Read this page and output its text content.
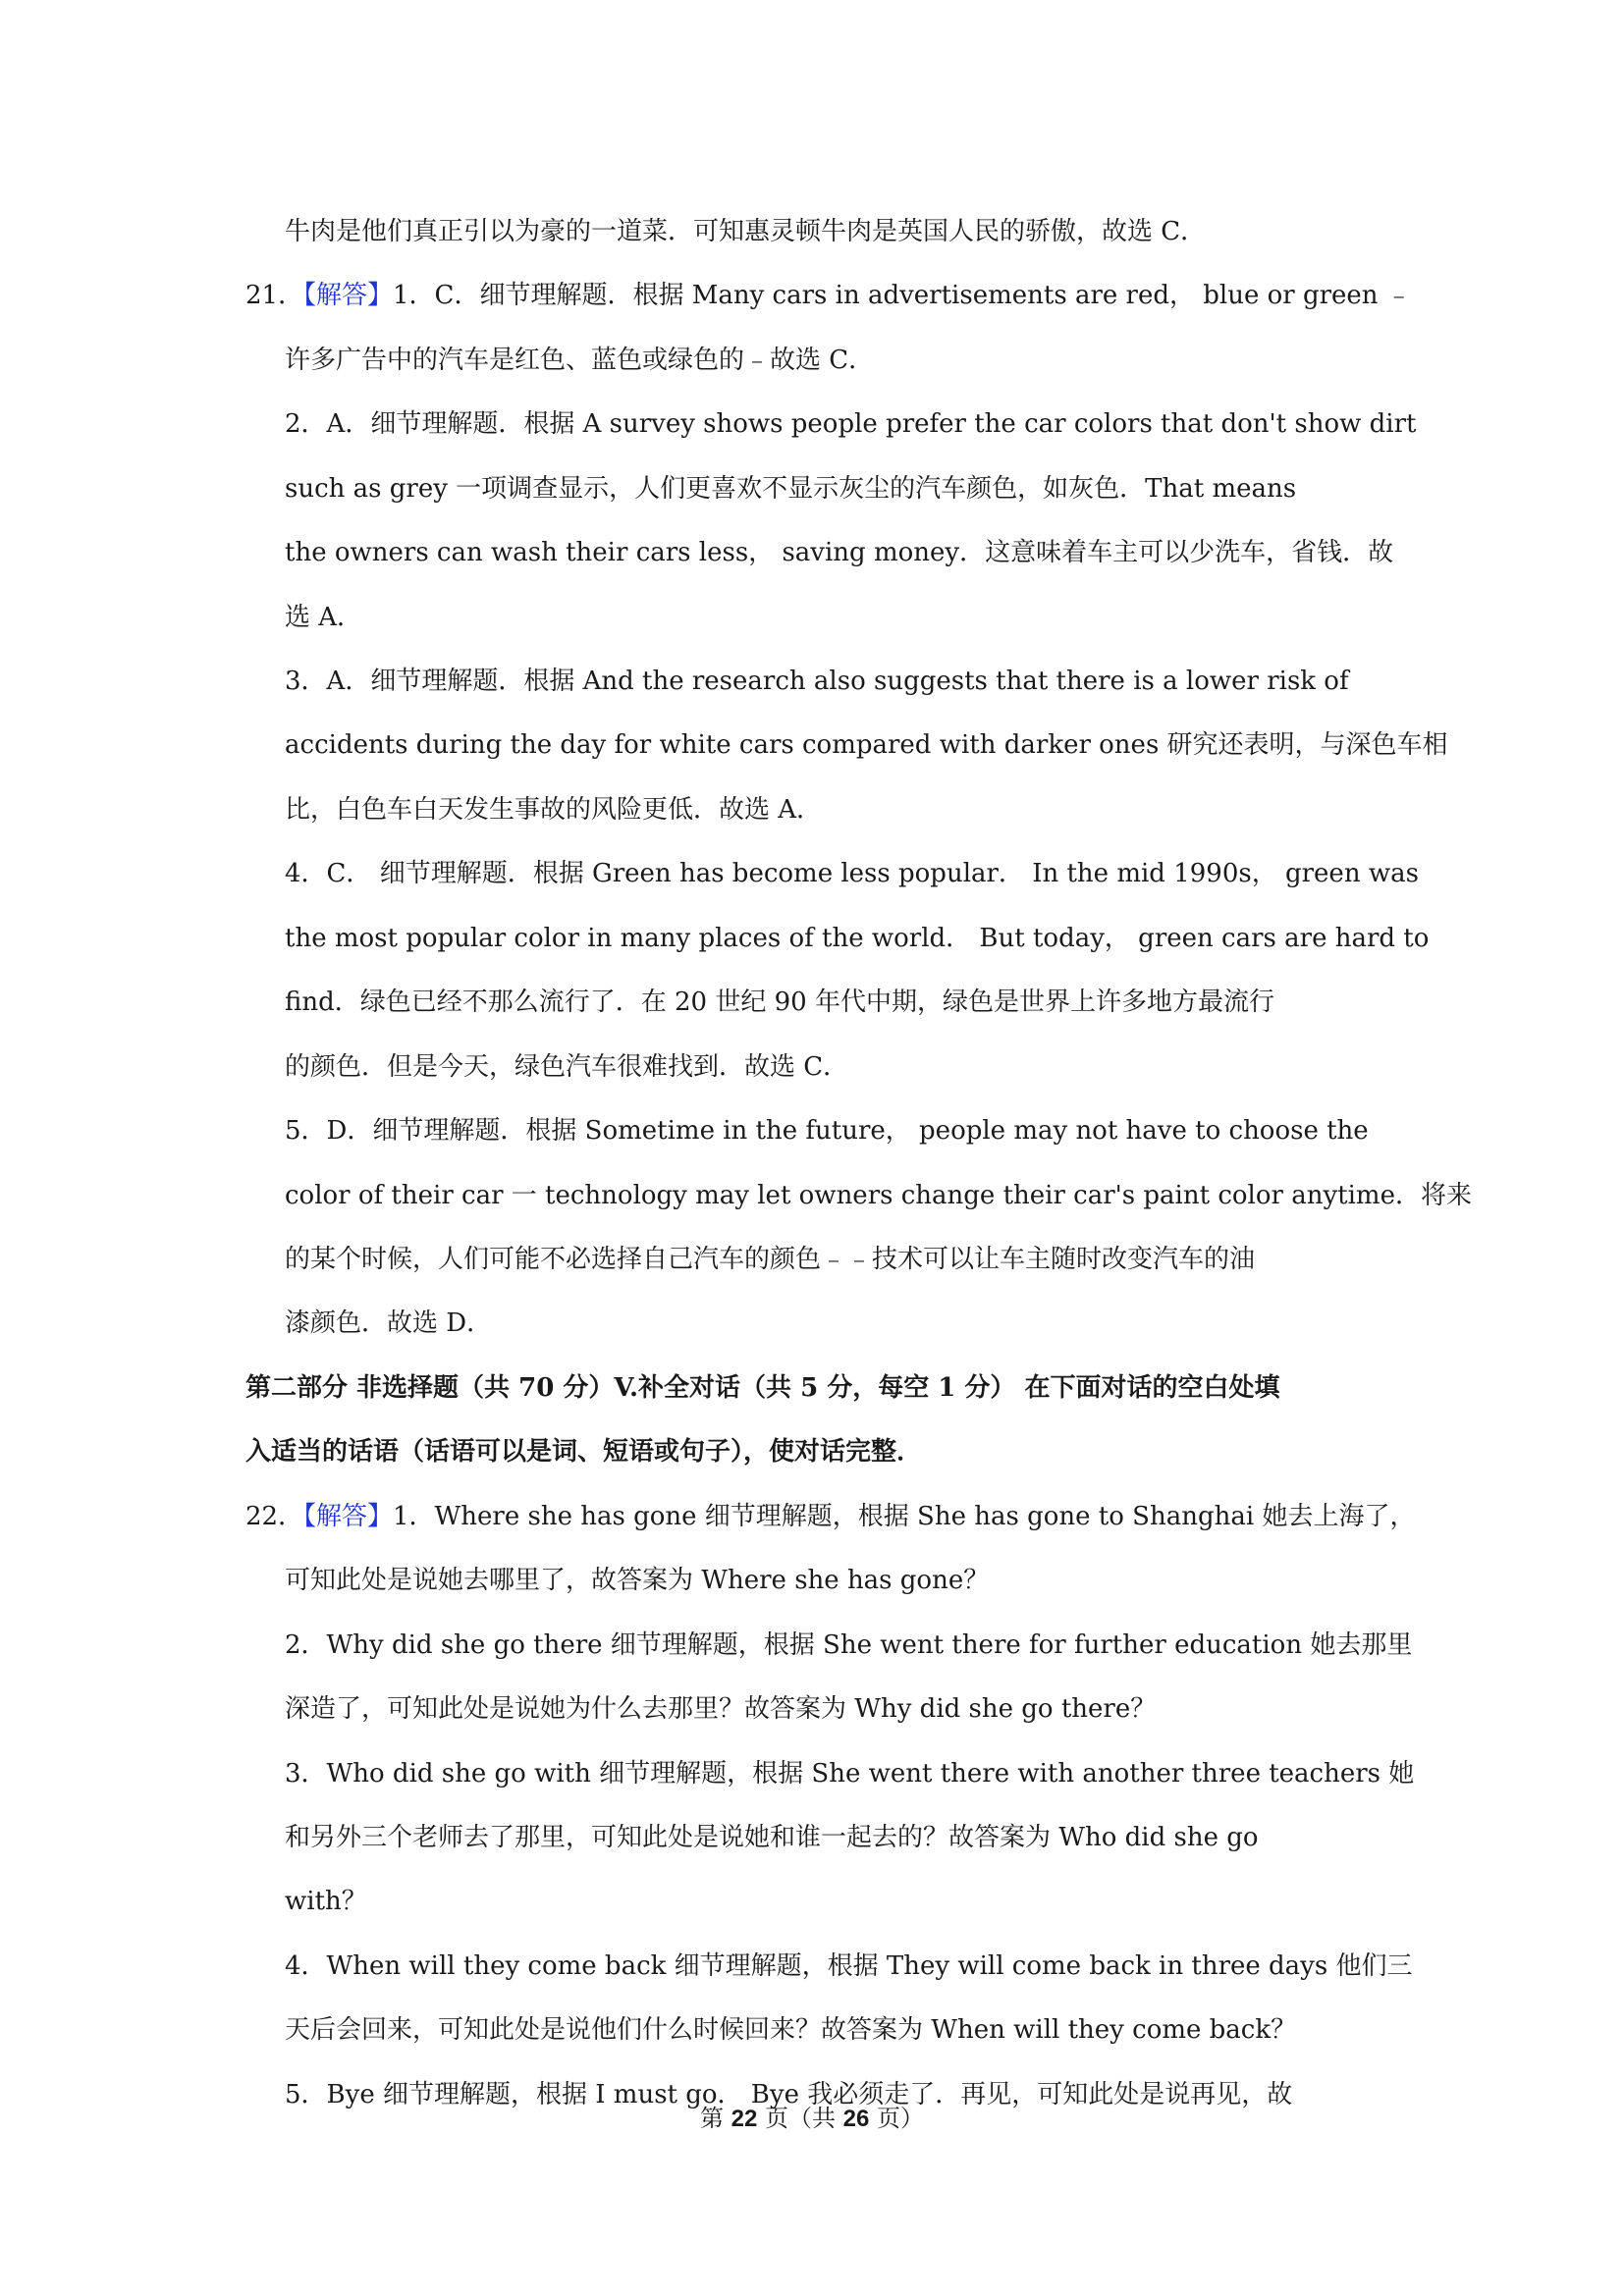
牛肉是他们真正引以为豪的一道菜．可知惠灵顿牛肉是英国人民的骄傲，故选 C．
21．
【解答】1．C．细节理解题．根据 Many cars in advertisements are red， blue or green ﹣
许多广告中的汽车是红色、蓝色或绿色的﹣故选 C．
2．A．细节理解题．根据 A survey shows people prefer the car colors that don't show dirt
such as grey 一项调查显示，人们更喜欢不显示灰尘的汽车颜色，如灰色．That means
the owners can wash their cars less， saving money．这意味着车主可以少洗车，省钱．故
选 A．
3．A．细节理解题．根据 And the research also suggests that there is a lower risk of
accidents during the day for white cars compared with darker ones 研究还表明，与深色车相
比，白色车白天发生事故的风险更低．故选 A．
4．C． 细节理解题．根据 Green has become less popular． In the mid 1990s， green was
the most popular color in many places of the world． But today， green cars are hard to
find．绿色已经不那么流行了．在 20 世纪 90 年代中期，绿色是世界上许多地方最流行
的颜色．但是今天，绿色汽车很难找到．故选 C．
5．D．细节理解题．根据 Sometime in the future， people may not have to choose the
color of their car 一 technology may let owners change their car's paint color anytime．将来
的某个时候，人们可能不必选择自己汽车的颜色﹣﹣技术可以让车主随时改变汽车的油
漆颜色．故选 D．
第二部分 非选择题（共 70 分）V.补全对话（共 5 分，每空 1 分） 在下面对话的空白处填
入适当的话语（话语可以是词、短语或句子），使对话完整．
22．
【解答】1．Where she has gone 细节理解题，根据 She has gone to Shanghai 她去上海了，
可知此处是说她去哪里了，故答案为 Where she has gone？
2．Why did she go there 细节理解题，根据 She went there for further education 她去那里
深造了，可知此处是说她为什么去那里？故答案为 Why did she go there？
3．Who did she go with 细节理解题，根据 She went there with another three teachers 她
和另外三个老师去了那里，可知此处是说她和谁一起去的？故答案为 Who did she go
with？
4．When will they come back 细节理解题，根据 They will come back in three days 他们三
天后会回来，可知此处是说他们什么时候回来？故答案为 When will they come back？
5．Bye 细节理解题，根据 I must go． Bye 我必须走了．再见，可知此处是说再见，故
第 22 页（共 26 页）
